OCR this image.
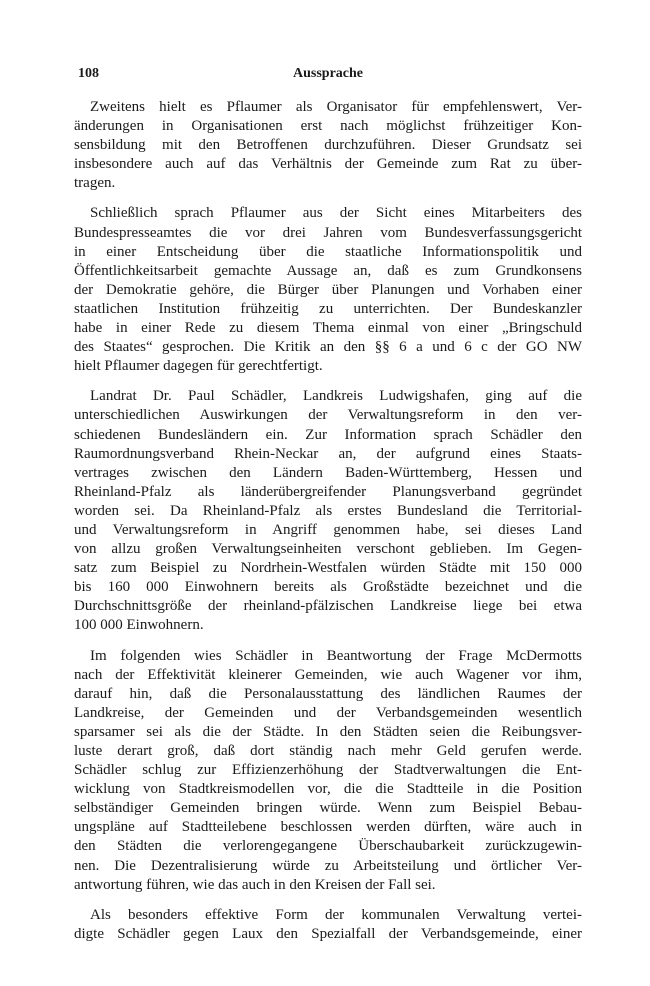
108	Aussprache

Zweitens hielt es Pflaumer als Organisator für empfehlenswert, Ver-
änderungen in Organisationen erst nach möglichst frühzeitiger Kon-
sensbildung mit den Betroffenen durchzuführen. Dieser Grundsatz sei
insbesondere auch auf das Verhältnis der Gemeinde zum Rat zu über-
tragen.

Schließlich sprach Pflaumer aus der Sicht eines Mitarbeiters des
Bundespresseamtes die vor drei Jahren vom Bundesverfassungsgericht
in einer Entscheidung über die staatliche Informationspolitik und
Öffentlichkeitsarbeit gemachte Aussage an, daß es zum Grundkonsens
der Demokratie gehöre, die Bürger über Planungen und Vorhaben einer
staatlichen Institution frühzeitig zu unterrichten. Der Bundeskanzler
habe in einer Rede zu diesem Thema einmal von einer „Bringschuld
des Staates“ gesprochen. Die Kritik an den §§ 6 a und 6 c der GO NW
hielt Pflaumer dagegen für gerechtfertigt.

Landrat Dr. Paul Schädler, Landkreis Ludwigshafen, ging auf die
unterschiedlichen Auswirkungen der Verwaltungsreform in den ver-
schiedenen Bundesländern ein. Zur Information sprach Schädler den
Raumordnungsverband Rhein-Neckar an, der aufgrund eines Staats-
vertrages zwischen den Ländern Baden-Württemberg, Hessen und
Rheinland-Pfalz als länderübergreifender Planungsverband gegründet
worden sei. Da Rheinland-Pfalz als erstes Bundesland die Territorial-
und Verwaltungsreform in Angriff genommen habe, sei dieses Land
von allzu großen Verwaltungseinheiten verschont geblieben. Im Gegen-
satz zum Beispiel zu Nordrhein-Westfalen würden Städte mit 150 000
bis 160 000 Einwohnern bereits als Großstädte bezeichnet und die
Durchschnittsgröße der rheinland-pfälzischen Landkreise liege bei etwa
100 000 Einwohnern.

Im folgenden wies Schädler in Beantwortung der Frage McDermotts
nach der Effektivität kleinerer Gemeinden, wie auch Wagener vor ihm,
darauf hin, daß die Personalausstattung des ländlichen Raumes der
Landkreise, der Gemeinden und der Verbandsgemeinden wesentlich
sparsamer sei als die der Städte. In den Städten seien die Reibungsver-
luste derart groß, daß dort ständig nach mehr Geld gerufen werde.
Schädler schlug zur Effizienzerhöhung der Stadtverwaltungen die Ent-
wicklung von Stadtkreismodellen vor, die die Stadtteile in die Position
selbständiger Gemeinden bringen würde. Wenn zum Beispiel Bebau-
ungspläne auf Stadtteilebene beschlossen werden dürften, wäre auch in
den Städten die verlorengegangene Überschaubarkeit zurückzugewin-
nen. Die Dezentralisierung würde zu Arbeitsteilung und örtlicher Ver-
antwortung führen, wie das auch in den Kreisen der Fall sei.

Als besonders effektive Form der kommunalen Verwaltung vertei-
digte Schädler gegen Laux den Spezialfall der Verbandsgemeinde, einer
